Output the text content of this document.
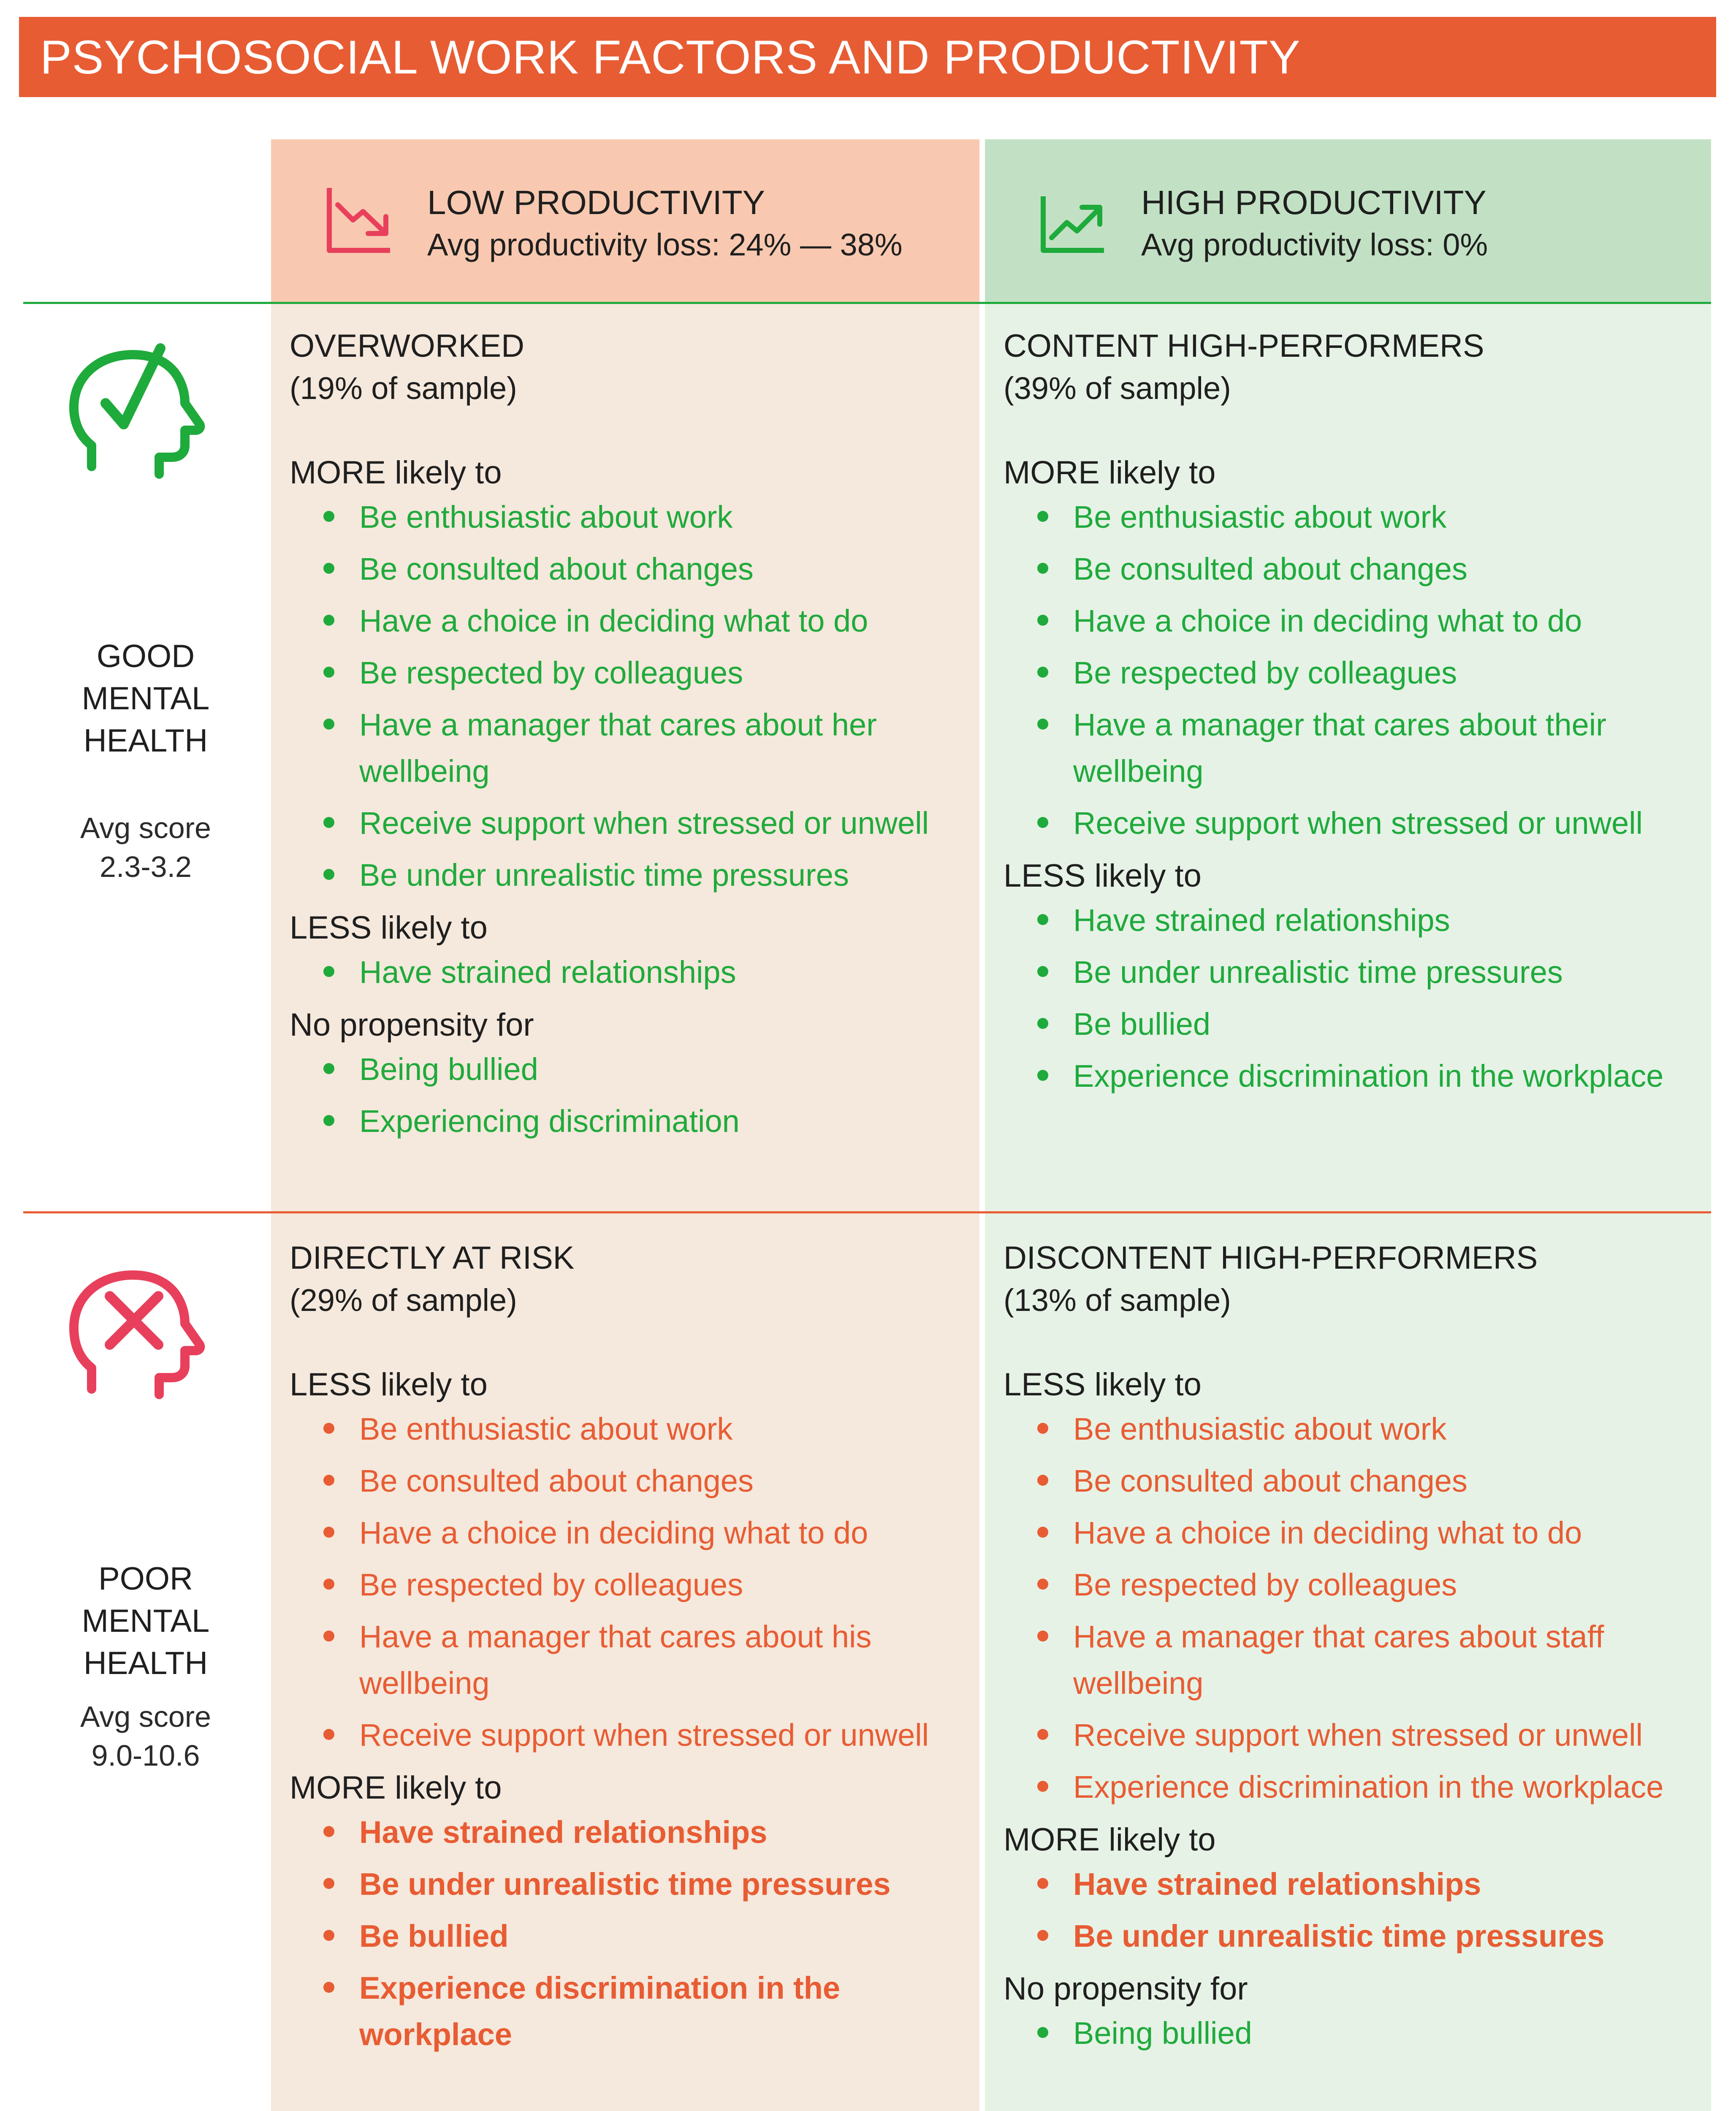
PSYCHOSOCIAL WORK FACTORS AND PRODUCTIVITY
LOW PRODUCTIVITY
Avg productivity loss: 24% — 38%
HIGH PRODUCTIVITY
Avg productivity loss: 0%
GOOD
MENTAL
HEALTH
Avg score
2.3-3.2
POOR
MENTAL
HEALTH
Avg score
9.0-10.6
OVERWORKED
(19% of sample)
MORE likely to
Be enthusiastic about work
Be consulted about changes
Have a choice in deciding what to do
Be respected by colleagues
Have a manager that cares about her wellbeing
Receive support when stressed or unwell
Be under unrealistic time pressures
LESS likely to
Have strained relationships
No propensity for
Being bullied
Experiencing discrimination
CONTENT HIGH-PERFORMERS
(39% of sample)
MORE likely to
Be enthusiastic about work
Be consulted about changes
Have a choice in deciding what to do
Be respected by colleagues
Have a manager that cares about their wellbeing
Receive support when stressed or unwell
LESS likely to
Have strained relationships
Be under unrealistic time pressures
Be bullied
Experience discrimination in the workplace
DIRECTLY AT RISK
(29% of sample)
LESS likely to
Be enthusiastic about work
Be consulted about changes
Have a choice in deciding what to do
Be respected by colleagues
Have a manager that cares about his wellbeing
Receive support when stressed or unwell
MORE likely to
Have strained relationships
Be under unrealistic time pressures
Be bullied
Experience discrimination in the workplace
DISCONTENT HIGH-PERFORMERS
(13% of sample)
LESS likely to
Be enthusiastic about work
Be consulted about changes
Have a choice in deciding what to do
Be respected by colleagues
Have a manager that cares about staff wellbeing
Receive support when stressed or unwell
Experience discrimination in the workplace
MORE likely to
Have strained relationships
Be under unrealistic time pressures
No propensity for
Being bullied
